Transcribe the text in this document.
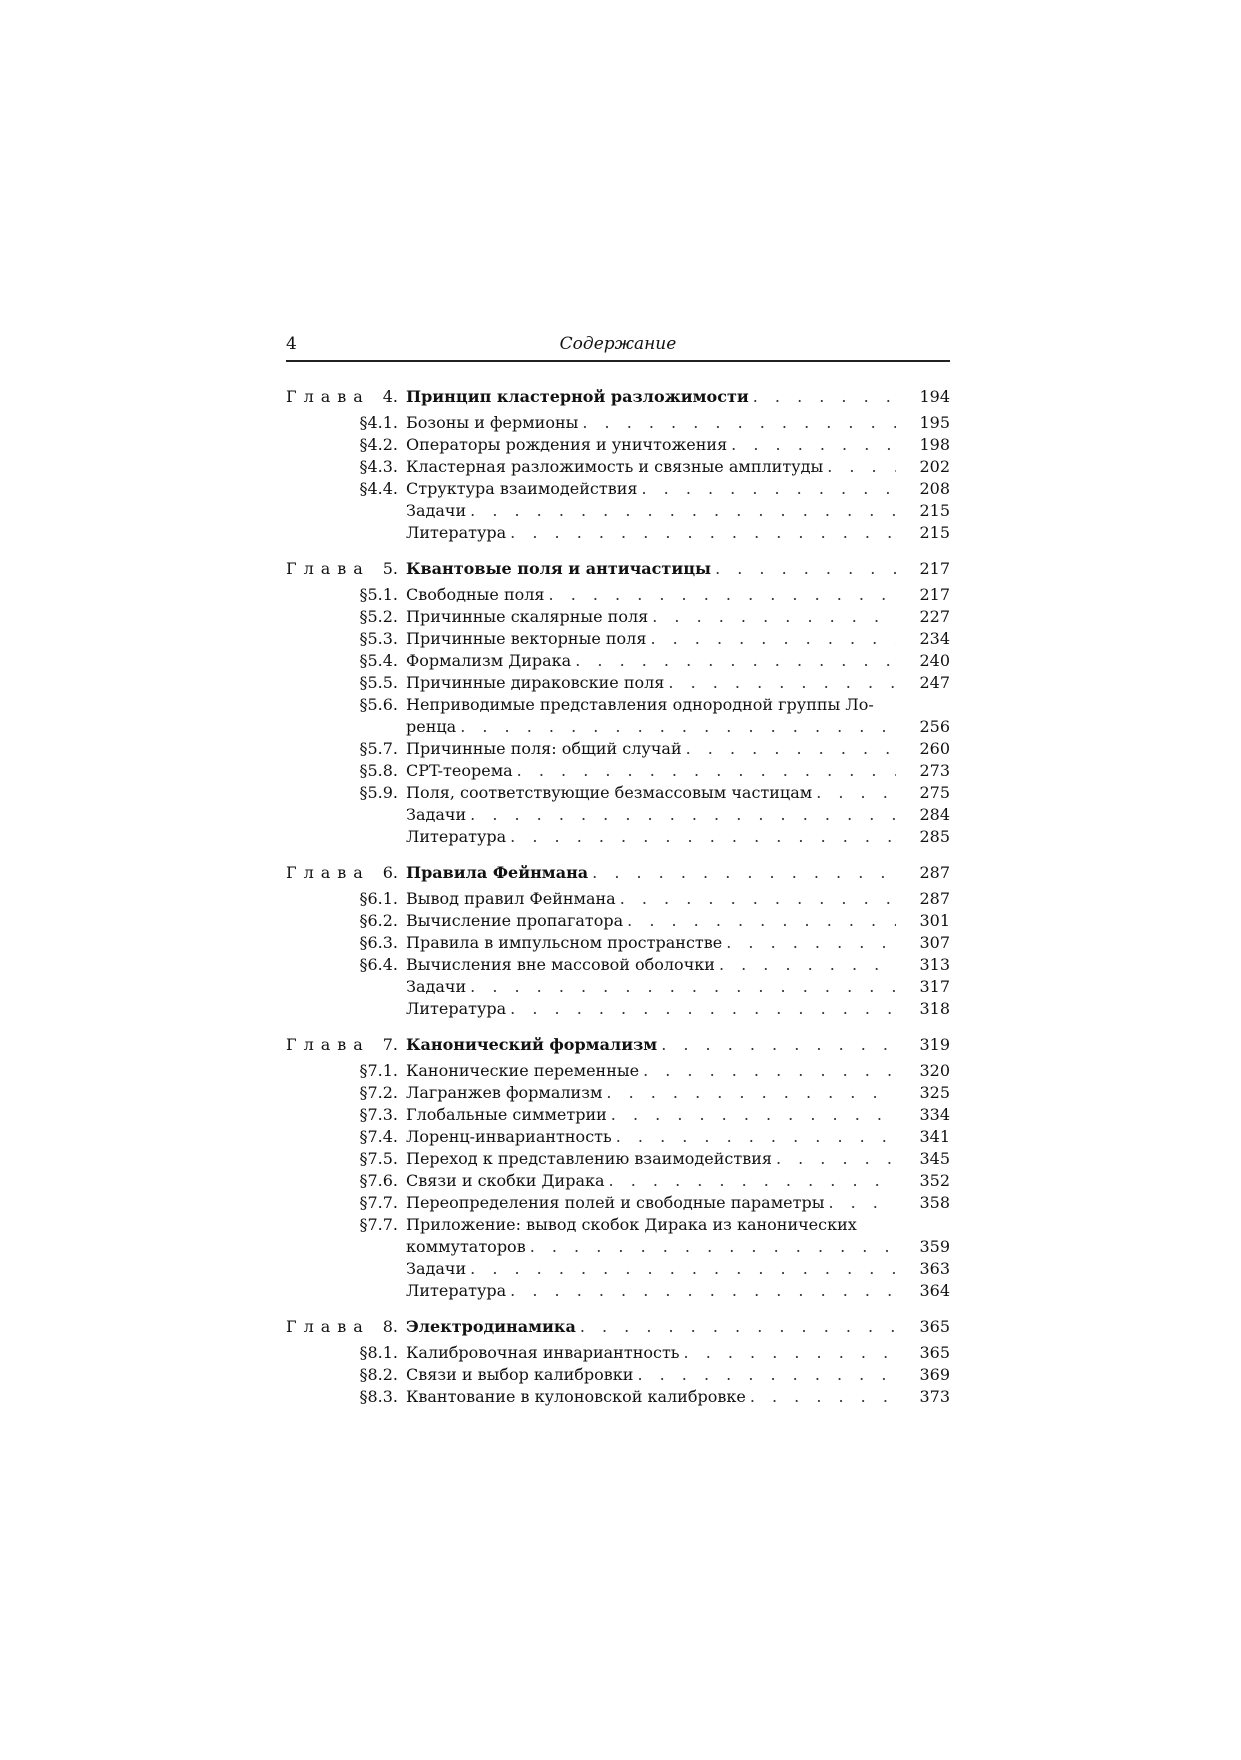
4	Содержание
Глава 4. Принцип кластерной разложимости . . .	194
§4.1. Бозоны и фермионы . . .	195
§4.2. Операторы рождения и уничтожения . . .	198
§4.3. Кластерная разложимость и связные амплитуды . . .	202
§4.4. Структура взаимодействия . . .	208
Задачи . . .	215
Литература . . .	215
Глава 5. Квантовые поля и античастицы . . .	217
§5.1. Свободные поля . . .	217
§5.2. Причинные скалярные поля . . .	227
§5.3. Причинные векторные поля . . .	234
§5.4. Формализм Дирака . . .	240
§5.5. Причинные дираковские поля . . .	247
§5.6. Неприводимые представления однородной группы Ло-
ренца . . .	256
§5.7. Причинные поля: общий случай . . .	260
§5.8. CPT-теорема . . .	273
§5.9. Поля, соответствующие безмассовым частицам . . .	275
Задачи . . .	284
Литература . . .	285
Глава 6. Правила Фейнмана . . .	287
§6.1. Вывод правил Фейнмана . . .	287
§6.2. Вычисление пропагатора . . .	301
§6.3. Правила в импульсном пространстве . . .	307
§6.4. Вычисления вне массовой оболочки . . .	313
Задачи . . .	317
Литература . . .	318
Глава 7. Канонический формализм . . .	319
§7.1. Канонические переменные . . .	320
§7.2. Лагранжев формализм . . .	325
§7.3. Глобальные симметрии . . .	334
§7.4. Лоренц-инвариантность . . .	341
§7.5. Переход к представлению взаимодействия . . .	345
§7.6. Связи и скобки Дирака . . .	352
§7.7. Переопределения полей и свободные параметры . . .	358
§7.7. Приложение: вывод скобок Дирака из канонических
коммутаторов . . .	359
Задачи . . .	363
Литература . . .	364
Глава 8. Электродинамика . . .	365
§8.1. Калибровочная инвариантность . . .	365
§8.2. Связи и выбор калибровки . . .	369
§8.3. Квантование в кулоновской калибровке . . .	373
